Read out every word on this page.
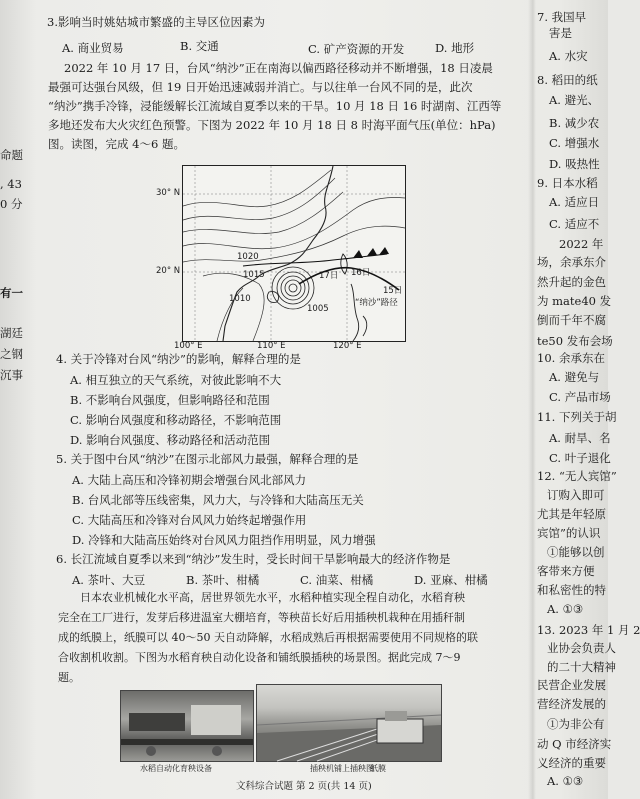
命题
, 43
0 分
有一
湖廷
之钢
沉事
3.影响当时姚姑城市繁盛的主导区位因素为
A. 商业贸易	B. 交通	C. 矿产资源的开发	D. 地形
2022 年 10 月 17 日，台风“纳沙”正在南海以偏西路径移动并不断增强，18 日凌晨
最强可达强台风级，但 19 日开始迅速减弱并消亡。与以往单一台风不同的是，此次
“纳沙”携手冷锋，浸能缓解长江流域自夏季以来的干旱。10 月 18 日 16 时湖南、江西等
多地还发布大火灾红色预警。下图为 2022 年 10 月 18 日 8 时海平面气压(单位：hPa)
图。读图，完成 4～6 题。
30° N
20° N
1020
1015
1010
1005
17日 16日
15日
“纳沙”路径
100° E	110° E	120° E
4. 关于冷锋对台风“纳沙”的影响，解释合理的是
A. 相互独立的天气系统，对彼此影响不大
B. 不影响台风强度，但影响路径和范围
C. 影响台风强度和移动路径，不影响范围
D. 影响台风强度、移动路径和活动范围
5. 关于图中台风“纳沙”在图示北部风力最强，解释合理的是
A. 大陆上高压和冷锋初期会增强台风北部风力
B. 台风北部等压线密集，风力大，与冷锋和大陆高压无关
C. 大陆高压和冷锋对台风风力始终起增强作用
D. 冷锋和大陆高压始终对台风风力阻挡作用明显，风力增强
6. 长江流域自夏季以来到“纳沙”发生时，受长时间干旱影响最大的经济作物是
A. 茶叶、大豆	B. 茶叶、柑橘	C. 油菜、柑橘	D. 亚麻、柑橘
日本农业机械化水平高，居世界领先水平，水稻种植实现全程自动化，水稻育秧
完全在工厂进行，发芽后移进温室大棚培育，等秧苗长好后用插秧机栽种在用插秆制
成的纸膜上，纸膜可以 40～50 天自动降解，水稻成熟后再根据需要使用不同规格的联
合收割机收割。下图为水稻育秧自动化设备和铺纸膜插秧的场景图。据此完成 7～9
题。
水稻自动化育秧设备	插秧机铺上插秧图
纸膜
文科综合试题 第 2 页(共 14 页)
7. 我国早
害是
A. 水灾
8. 稻田的纸
A. 避光、
B. 减少农
C. 增强水
D. 吸热性
9. 日本水稻
A. 适应日
C. 适应不
2022 年
场，余承东介
然升起的金色
为 mate40 发
倒而千年不腐
te50 发布会场
10. 余承东在
A. 避免与
C. 产品市场
11. 下列关于胡
A. 耐旱、名
C. 叶子退化
12. “无人宾馆”
订购入即可
尤其是年轻原
宾馆”的认识
①能够以创
客带来方便
和私密性的特
A. ①③
13. 2023 年 1 月 2
业协会负责人
的二十大精神
民营企业发展
营经济发展的
①为非公有
动 Q 市经济实
义经济的重要
A. ①③
